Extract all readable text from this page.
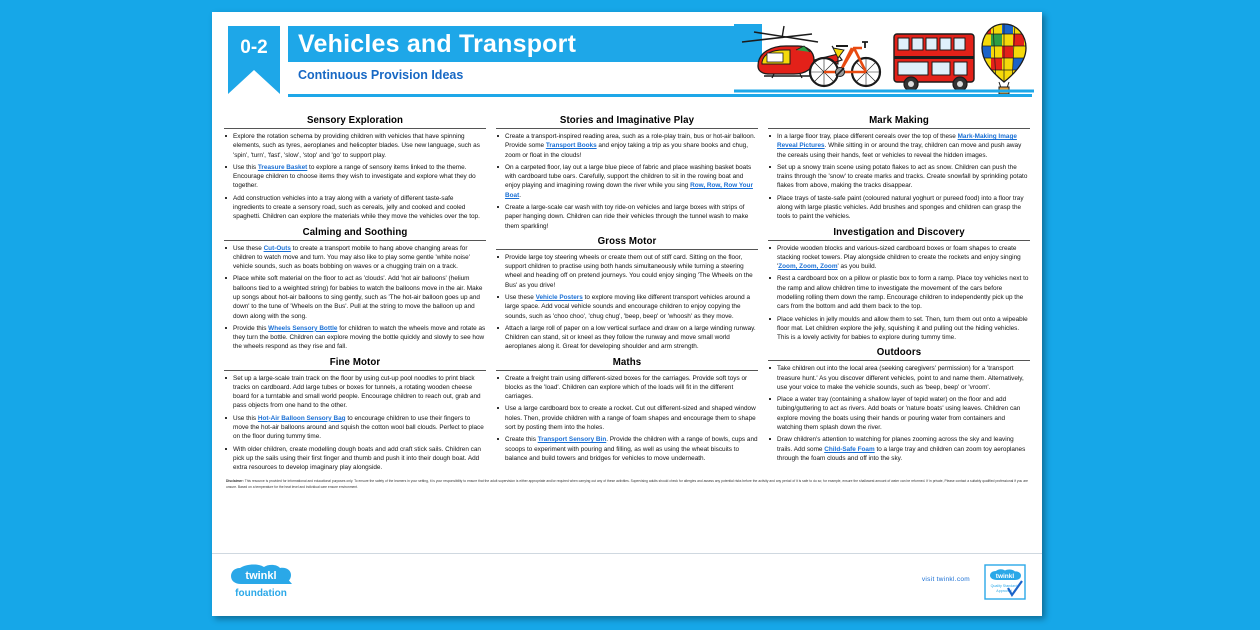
0-2	Vehicles and Transport
Continuous Provision Ideas
Sensory Exploration
Explore the rotation schema by providing children with vehicles that have spinning elements, such as tyres, aeroplanes and helicopter blades. Use new language, such as 'spin', 'turn', 'fast', 'slow', 'stop' and 'go' to support play.
Use this Treasure Basket to explore a range of sensory items linked to the theme. Encourage children to choose items they wish to investigate and explore what they do together.
Add construction vehicles into a tray along with a variety of different taste-safe ingredients to create a sensory road, such as cereals, jelly and cooked and cooled spaghetti. Children can explore the materials while they move the vehicles over the top.
Calming and Soothing
Use these Cut-Outs to create a transport mobile to hang above changing areas for children to watch move and turn. You may also like to play some gentle 'white noise' vehicle sounds, such as boats bobbing on waves or a chugging train on a track.
Place white soft material on the floor to act as 'clouds'. Add 'hot air balloons' (helium balloons tied to a weighted string) for babies to watch the balloons move in the air. Make up songs about hot-air balloons to sing gently, such as 'The hot-air balloon goes up and down' to the tune of 'Wheels on the Bus'. Pull at the string to move the balloon up and down along with the song.
Provide this Wheels Sensory Bottle for children to watch the wheels move and rotate as they turn the bottle. Children can explore moving the bottle quickly and slowly to see how the wheels respond as they rise and fall.
Fine Motor
Set up a large-scale train track on the floor by using cut-up pool noodles to print black tracks on cardboard. Add large tubes or boxes for tunnels, a rotating wooden cheese board for a turntable and small world people. Encourage children to reach out, grab and pass objects from one hand to the other.
Use this Hot-Air Balloon Sensory Bag to encourage children to use their fingers to move the hot-air balloons around and squish the cotton wool ball clouds. Perfect to place on the floor during tummy time.
With older children, create modelling dough boats and add craft stick sails. Children can pick up the sails using their first finger and thumb and push it into their dough boat. Add extra resources to develop imaginary play alongside.
Stories and Imaginative Play
Create a transport-inspired reading area, such as a role-play train, bus or hot-air balloon. Provide some Transport Books and enjoy taking a trip as you share books and chug, zoom or float in the clouds!
On a carpeted floor, lay out a large blue piece of fabric and place washing basket boats with cardboard tube oars. Carefully, support the children to sit in the rowing boat and enjoy playing and imagining rowing down the river while you sing Row, Row, Row Your Boat.
Create a large-scale car wash with toy ride-on vehicles and large boxes with strips of paper hanging down. Children can ride their vehicles through the tunnel wash to make them sparkling!
Gross Motor
Provide large toy steering wheels or create them out of stiff card. Sitting on the floor, support children to practise using both hands simultaneously while turning a steering wheel and heading off on pretend journeys. You could enjoy singing 'The Wheels on the Bus' as you drive!
Use these Vehicle Posters to explore moving like different transport vehicles around a large space. Add vocal vehicle sounds and encourage children to enjoy copying the sounds, such as 'choo choo', 'chug chug', 'beep, beep' or 'whoosh' as they move.
Attach a large roll of paper on a low vertical surface and draw on a large winding runway. Children can stand, sit or kneel as they follow the runway and move small world aeroplanes along it. Great for developing shoulder and arm strength.
Maths
Create a freight train using different-sized boxes for the carriages. Provide soft toys or blocks as the 'load'. Children can explore which of the loads will fit in the different carriages.
Use a large cardboard box to create a rocket. Cut out different-sized and shaped window holes. Then, provide children with a range of foam shapes and encourage them to shape sort by posting them into the holes.
Create this Transport Sensory Bin. Provide the children with a range of bowls, cups and scoops to experiment with pouring and filling, as well as using the wheat biscuits to balance and build towers and bridges for vehicles to move underneath.
Mark Making
In a large floor tray, place different cereals over the top of these Mark-Making Image Reveal Pictures. While sitting in or around the tray, children can move and push away the cereals using their hands, feet or vehicles to reveal the hidden images.
Set up a snowy train scene using potato flakes to act as snow. Children can push the trains through the 'snow' to create marks and tracks. Create snowfall by sprinkling potato flakes from above, making the tracks disappear.
Place trays of taste-safe paint (coloured natural yoghurt or pureed food) into a floor tray along with large plastic vehicles. Add brushes and sponges and children can grasp the tools to paint the vehicles.
Investigation and Discovery
Provide wooden blocks and various-sized cardboard boxes or foam shapes to create stacking rocket towers. Play alongside children to create the rockets and enjoy singing 'Zoom, Zoom, Zoom' as you build.
Rest a cardboard box on a pillow or plastic box to form a ramp. Place toy vehicles next to the ramp and allow children time to investigate the movement of the cars before modelling rolling them down the ramp. Encourage children to independently pick up the cars from the bottom and add them back to the top.
Place vehicles in jelly moulds and allow them to set. Then, turn them out onto a wipeable floor mat. Let children explore the jelly, squishing it and pulling out the hiding vehicles. This is a lovely activity for babies to explore during tummy time.
Outdoors
Take children out into the local area (seeking caregivers' permission) for a 'transport treasure hunt.' As you discover different vehicles, point to and name them. Alternatively, use your voice to make the vehicle sounds, such as 'beep, beep' or 'vroom'.
Place a water tray (containing a shallow layer of tepid water) on the floor and add tubing/guttering to act as rivers. Add boats or 'nature boats' using leaves. Children can explore moving the boats using their hands or pouring water from containers and watching them splash down the river.
Draw children's attention to watching for planes zooming across the sky and leaving trails. Add some Child-Safe Foam to a large tray and children can zoom toy aeroplanes through the foam clouds and off into the sky.
Disclaimer: This resource is provided for informational and educational purposes only. To ensure the safety of the learners in your setting, it is your responsibility to ensure that the adult supervision is either appropriate and/or required when carrying out any of these activities. Supervising adults should check for allergies and assess any potential risks before the activity and any period of it is safe to do so; for example, ensure the shallowest amount of water can be reformed. If in private, Please contact a suitably qualified professional if you are unsure. Based on a temperature for the heat level and individual care ensure environment.
twinkl
foundation
visit twinkl.com	twinkl
Quality Standard
Approved
